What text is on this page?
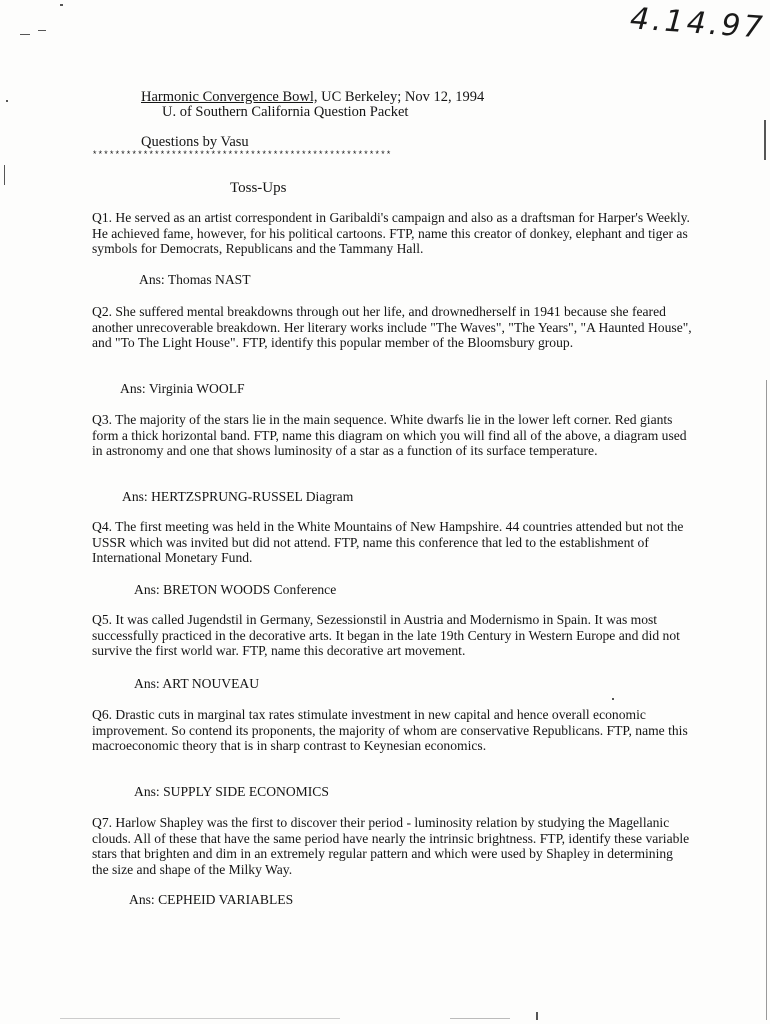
4.14.97
Harmonic Convergence Bowl, UC Berkeley; Nov 12, 1994
U. of Southern California Question Packet
Questions by Vasu
*****************************************************
Toss-Ups
Q1. He served as an artist correspondent in Garibaldi's campaign and also as a draftsman for Harper's Weekly. He achieved fame, however, for his political cartoons. FTP, name this creator of donkey, elephant and tiger as symbols for Democrats, Republicans and the Tammany Hall.
Ans: Thomas NAST
Q2. She suffered mental breakdowns through out her life, and drownedherself in 1941 because she feared another unrecoverable breakdown. Her literary works include "The Waves", "The Years", "A Haunted House", and "To The Light House". FTP, identify this popular member of the Bloomsbury group.
Ans: Virginia WOOLF
Q3. The majority of the stars lie in the main sequence. White dwarfs lie in the lower left corner. Red giants form a thick horizontal band. FTP, name this diagram on which you will find all of the above, a diagram used in astronomy and one that shows luminosity of a star as a function of its surface temperature.
Ans: HERTZSPRUNG-RUSSEL Diagram
Q4. The first meeting was held in the White Mountains of New Hampshire. 44 countries attended but not the USSR which was invited but did not attend. FTP, name this conference that led to the establishment of International Monetary Fund.
Ans: BRETON WOODS Conference
Q5. It was called Jugendstil in Germany, Sezessionstil in Austria and Modernismo in Spain. It was most successfully practiced in the decorative arts. It began in the late 19th Century in Western Europe and did not survive the first world war. FTP, name this decorative art movement.
Ans: ART NOUVEAU
Q6. Drastic cuts in marginal tax rates stimulate investment in new capital and hence overall economic improvement. So contend its proponents, the majority of whom are conservative Republicans. FTP, name this macroeconomic theory that is in sharp contrast to Keynesian economics.
Ans: SUPPLY SIDE ECONOMICS
Q7. Harlow Shapley was the first to discover their period - luminosity relation by studying the Magellanic clouds. All of these that have the same period have nearly the intrinsic brightness. FTP, identify these variable stars that brighten and dim in an extremely regular pattern and which were used by Shapley in determining the size and shape of the Milky Way.
Ans: CEPHEID VARIABLES
